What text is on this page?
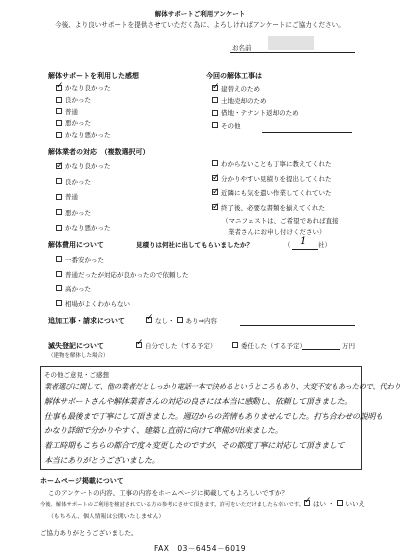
解体サポートご利用アンケート
今後、より良いサポートを提供させていただく為に、よろしければアンケートにご協力ください。
お名前
解体サポートを利用した感想
✓
かなり良かった
良かった
普通
悪かった
かなり悪かった
今回の解体工事は
✓
建替えのため
土地売却のため
借地・テナント返却のため
その他
解体業者の対応　（複数選択可）
✓
かなり良かった
良かった
普通
悪かった
かなり悪かった
わからないことも丁寧に教えてくれた
✓
分かりやすい見積りを提出してくれた
✓
近隣にも気を遣い作業してくれていた
✓
終了後、必要な書類を揃えてくれた
（マニフェストは、ご希望であれば直接
業者さんにお申し付けください）
解体費用について	見積りは何社に出してもらいましたか？	（ 1 社）
一番安かった
普通だったが対応が良かったので依頼した
高かった
相場がよくわからない
追加工事・請求について ✓	なし・ あり⇒内容
滅失登記について
（建物を解体した場合）
✓
自分でした（する予定）	委任した（する予定）	万円
その他ご意見・ご感想
業者選びに関して、他の業者だとしっかり電話一本で決めるというところもあり、大変不安もあったので、代わり
解体サポートさんや解体業者さんの対応の良さには本当に感動し、依頼して頂きました。
仕事も最後まで丁寧にして頂きました。週辺からの苦情もありませんでした。打ち合わせの説明も
かなり詳細で分かりやすく、建築し直前に向けて準備が出来ました。
着工時期もこちらの都合で度々変更したのですが、その都度丁寧に対応して頂きまして
本当にありがとうございました。
ホームページ掲載について
このアンケートの内容、工事の内容をホームページに掲載してもよろしいですか？
今後、解体サポートのご利用を検討されている方の参考にさせて頂きます。許可をいただけましたら幸いです。 ✓ はい ・ いいえ
（もちろん、個人情報は公開いたしません）
ご協力ありがとうございました。
FAX　03－6454－6019
